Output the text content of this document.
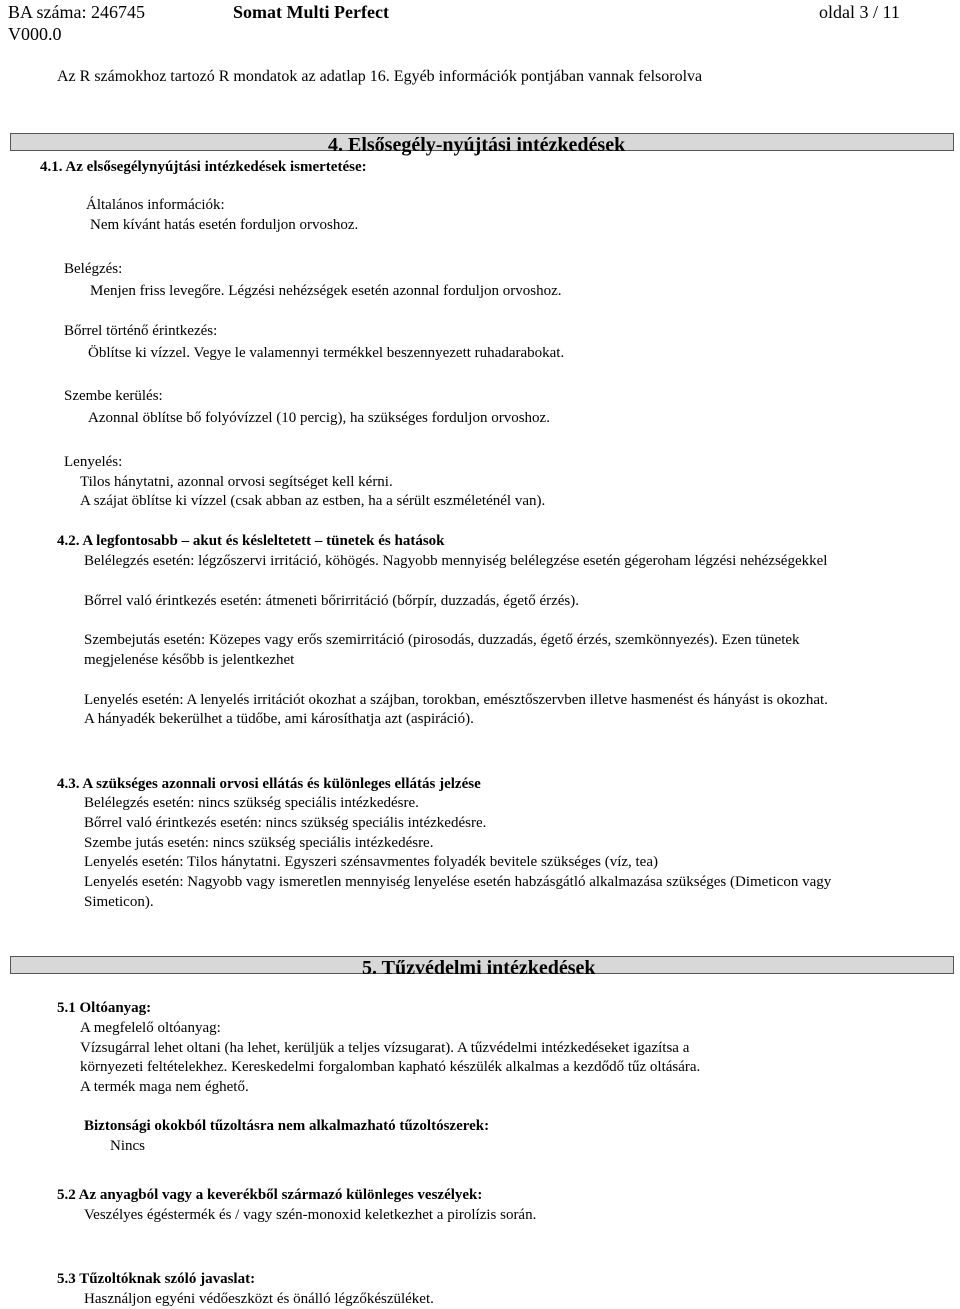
BA száma: 246745
V000.0
Somat Multi Perfect	oldal 3 / 11
Az R számokhoz tartozó R mondatok az adatlap 16. Egyéb információk pontjában vannak felsorolva
4. Elsősegély-nyújtási intézkedések
4.1. Az elsősegélynyújtási intézkedések ismertetése:
Általános információk:
Nem kívánt hatás esetén forduljon orvoshoz.
Belégzés:
Menjen friss levegőre. Légzési nehézségek esetén azonnal forduljon orvoshoz.
Bőrrel történő érintkezés:
Öblítse ki vízzel. Vegye le valamennyi termékkel beszennyezett ruhadarabokat.
Szembe kerülés:
Azonnal öblítse bő folyóvízzel (10 percig), ha szükséges forduljon orvoshoz.
Lenyelés:
Tilos hánytatni, azonnal orvosi segítséget kell kérni.
A szájat öblítse ki vízzel (csak abban az estben, ha a sérült eszméleténél van).
4.2. A legfontosabb – akut és késleltetett – tünetek és hatások
Belélegzés esetén: légzőszervi irritáció, köhögés. Nagyobb mennyiség belélegzése esetén gégeroham légzési nehézségekkel
Bőrrel való érintkezés esetén: átmeneti bőrirritáció (bőrpír, duzzadás, égető érzés).
Szembejutás esetén: Közepes vagy erős szemirritáció (pirosodás, duzzadás, égető érzés, szemkönnyezés). Ezen tünetek
megjelenése később is jelentkezhet
Lenyelés esetén: A lenyelés irritációt okozhat a szájban, torokban, emésztőszervben illetve hasmenést és hányást is okozhat.
A hányadék bekerülhet a tüdőbe, ami károsíthatja azt (aspiráció).
4.3. A szükséges azonnali orvosi ellátás és különleges ellátás jelzése
Belélegzés esetén: nincs szükség speciális intézkedésre.
Bőrrel való érintkezés esetén: nincs szükség speciális intézkedésre.
Szembe jutás esetén: nincs szükség speciális intézkedésre.
Lenyelés esetén: Tilos hánytatni. Egyszeri szénsavmentes folyadék bevitele szükséges (víz, tea)
Lenyelés esetén: Nagyobb vagy ismeretlen mennyiség lenyelése esetén habzásgátló alkalmazása szükséges (Dimeticon vagy
Simeticon).
5. Tűzvédelmi intézkedések
5.1 Oltóanyag:
A megfelelő oltóanyag:
Vízsugárral lehet oltani (ha lehet, kerüljük a teljes vízsugarat). A tűzvédelmi intézkedéseket igazítsa a
környezeti feltételekhez. Kereskedelmi forgalomban kapható készülék alkalmas a kezdődő tűz oltására.
A termék maga nem éghető.
Biztonsági okokból tűzoltásra nem alkalmazható tűzoltószerek:
Nincs
5.2 Az anyagból vagy a keverékből származó különleges veszélyek:
Veszélyes égéstermék és / vagy szén-monoxid keletkezhet a pirolízis során.
5.3 Tűzoltóknak szóló javaslat:
Használjon egyéni védőeszközt és önálló légzőkészüléket.
